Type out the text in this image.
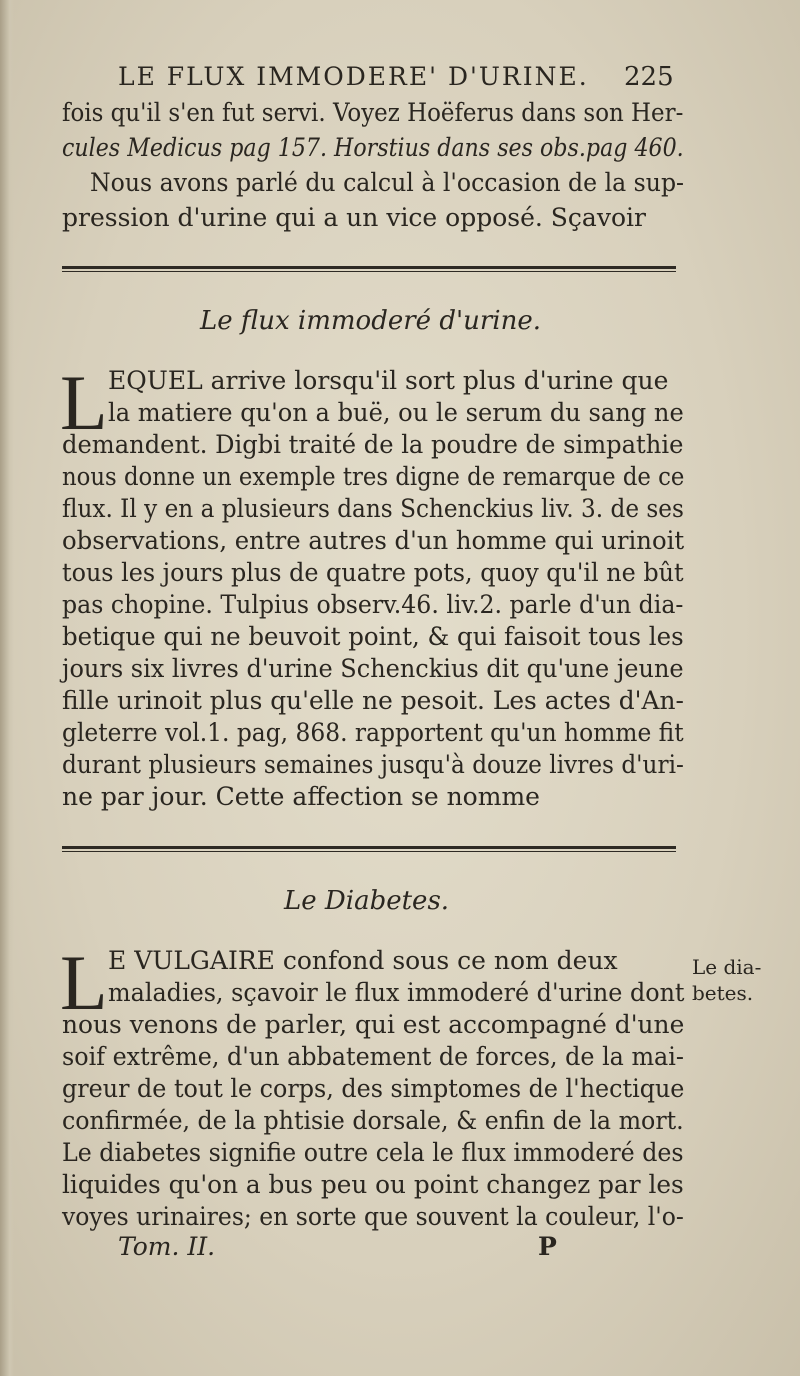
LE FLUX IMMODERE' D'URINE. 225
fois qu'il s'en fut servi. Voyez Hoëferus dans son Her-
cules Medicus pag 157. Horstius dans ses obs.pag 460.
Nous avons parlé du calcul à l'occasion de la sup-
pression d'urine qui a un vice opposé. Sçavoir
Le flux immoderé d'urine.
L EQUEL arrive lorsqu'il sort plus d'urine que
la matiere qu'on a buë, ou le serum du sang ne
demandent. Digbi traité de la poudre de simpathie
nous donne un exemple tres digne de remarque de ce
flux. Il y en a plusieurs dans Schenckius liv. 3. de ses
observations, entre autres d'un homme qui urinoit
tous les jours plus de quatre pots, quoy qu'il ne bût
pas chopine. Tulpius observ.46. liv.2. parle d'un dia-
betique qui ne beuvoit point, & qui faisoit tous les
jours six livres d'urine Schenckius dit qu'une jeune
fille urinoit plus qu'elle ne pesoit. Les actes d'An-
gleterre vol.1. pag, 868. rapportent qu'un homme fit
durant plusieurs semaines jusqu'à douze livres d'uri-
ne par jour. Cette affection se nomme
Le Diabetes.
L E VULGAIRE confond sous ce nom deux
maladies, sçavoir le flux immoderé d'urine dont
nous venons de parler, qui est accompagné d'une
soif extrême, d'un abbatement de forces, de la mai-
greur de tout le corps, des simptomes de l'hectique
confirmée, de la phtisie dorsale, & enfin de la mort.
Le diabetes signifie outre cela le flux immoderé des
liquides qu'on a bus peu ou point changez par les
voyes urinaires; en sorte que souvent la couleur, l'o-
Le dia-
betes.
Tom. II.	P
